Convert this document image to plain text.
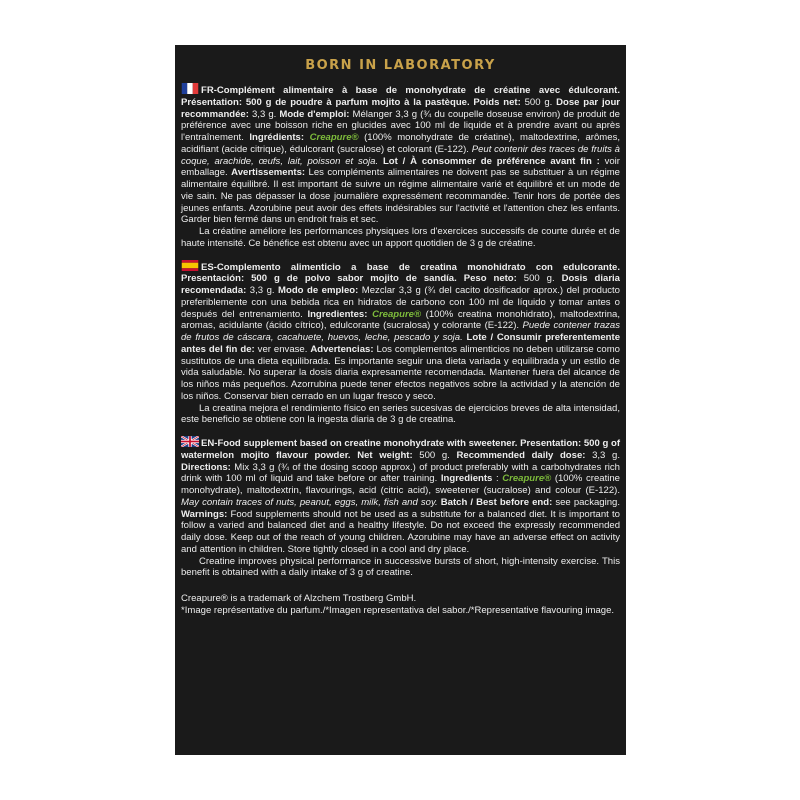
BORN IN LABORATORY

FR-Complément alimentaire à base de monohydrate de créatine avec édulcorant. Présentation: 500 g de poudre à parfum mojito à la pastèque. Poids net: 500 g. Dose par jour recommandée: 3,3 g. Mode d'emploi: Mélanger 3,3 g (¾ du coupelle doseuse environ) de produit de préférence avec une boisson riche en glucides avec 100 ml de liquide et à prendre avant ou après l'entraînement. Ingrédients: Creapure® (100% monohydrate de créatine), maltodextrine, arômes, acidifiant (acide citrique), édulcorant (sucralose) et colorant (E-122). Peut contenir des traces de fruits à coque, arachide, œufs, lait, poisson et soja. Lot / À consommer de préférence avant fin : voir emballage. Avertissements: Les compléments alimentaires ne doivent pas se substituer à un régime alimentaire équilibré. Il est important de suivre un régime alimentaire varié et équilibré et un mode de vie sain. Ne pas dépasser la dose journalière expressément recommandée. Tenir hors de portée des jeunes enfants. Azorubine peut avoir des effets indésirables sur l'activité et l'attention chez les enfants. Garder bien fermé dans un endroit frais et sec.

La créatine améliore les performances physiques lors d'exercices successifs de courte durée et de haute intensité. Ce bénéfice est obtenu avec un apport quotidien de 3 g de créatine.

ES-Complemento alimenticio a base de creatina monohidrato con edulcorante. Presentación: 500 g de polvo sabor mojito de sandía. Peso neto: 500 g. Dosis diaria recomendada: 3,3 g. Modo de empleo: Mezclar 3,3 g (¾ del cacito dosificador aprox.) del producto preferiblemente con una bebida rica en hidratos de carbono con 100 ml de líquido y tomar antes o después del entrenamiento. Ingredientes: Creapure® (100% creatina monohidrato), maltodextrina, aromas, acidulante (ácido cítrico), edulcorante (sucralosa) y colorante (E-122). Puede contener trazas de frutos de cáscara, cacahuete, huevos, leche, pescado y soja. Lote / Consumir preferentemente antes del fin de: ver envase. Advertencias: Los complementos alimenticios no deben utilizarse como sustitutos de una dieta equilibrada. Es importante seguir una dieta variada y equilibrada y un estilo de vida saludable. No superar la dosis diaria expresamente recomendada. Mantener fuera del alcance de los niños más pequeños. Azorrubina puede tener efectos negativos sobre la actividad y la atención de los niños. Conservar bien cerrado en un lugar fresco y seco.

La creatina mejora el rendimiento físico en series sucesivas de ejercicios breves de alta intensidad, este beneficio se obtiene con la ingesta diaria de 3 g de creatina.

EN-Food supplement based on creatine monohydrate with sweetener. Presentation: 500 g of watermelon mojito flavour powder. Net weight: 500 g. Recommended daily dose: 3,3 g. Directions: Mix 3,3 g (¾ of the dosing scoop approx.) of product preferably with a carbohydrates rich drink with 100 ml of liquid and take before or after training. Ingredients : Creapure® (100% creatine monohydrate), maltodextrin, flavourings, acid (citric acid), sweetener (sucralose) and colour (E-122). May contain traces of nuts, peanut, eggs, milk, fish and soy. Batch / Best before end: see packaging. Warnings: Food supplements should not be used as a substitute for a balanced diet. It is important to follow a varied and balanced diet and a healthy lifestyle. Do not exceed the expressly recommended daily dose. Keep out of the reach of young children. Azorubine may have an adverse effect on activity and attention in children. Store tightly closed in a cool and dry place.

Creatine improves physical performance in successive bursts of short, high-intensity exercise. This benefit is obtained with a daily intake of 3 g of creatine.

Creapure® is a trademark of Alzchem Trostberg GmbH.

*Image représentative du parfum./*Imagen representativa del sabor./*Representative flavouring image.
